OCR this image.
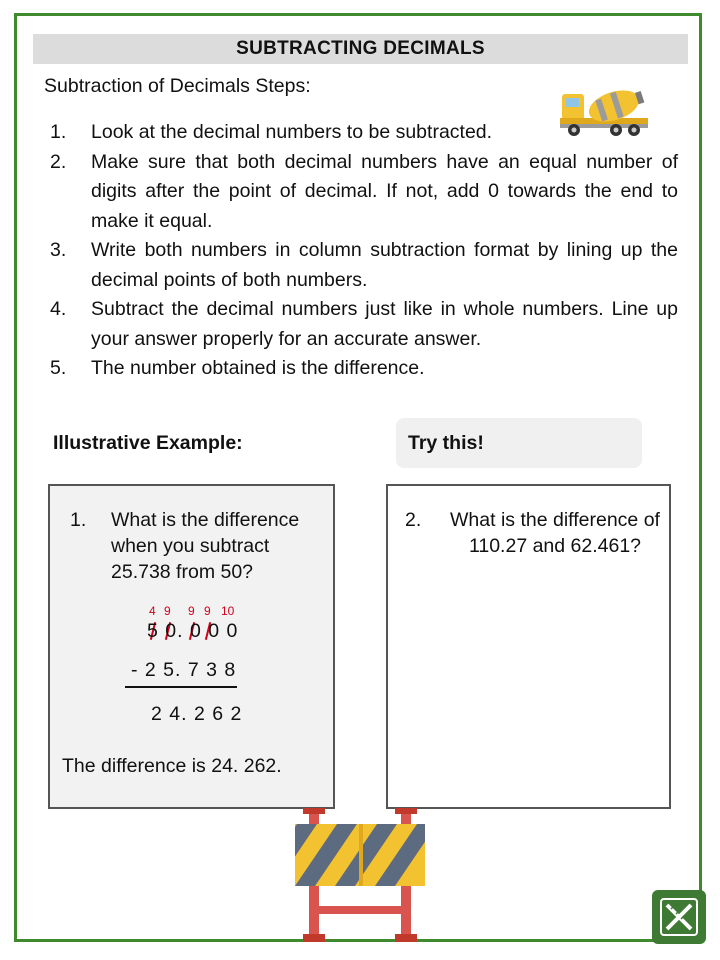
SUBTRACTING DECIMALS
Subtraction of Decimals Steps:
1. Look at the decimal numbers to be subtracted.
2. Make sure that both decimal numbers have an equal number of digits after the point of decimal. If not, add 0 towards the end to make it equal.
3. Write both numbers in column subtraction format by lining up the decimal points of both numbers.
4. Subtract the decimal numbers just like in whole numbers. Line up your answer properly for an accurate answer.
5. The number obtained is the difference.
Illustrative Example:	Try this!
1. What is the difference when you subtract 25.738 from 50?
4 9 9 9 10
5 0. 0 0 0
- 2 5. 7 3 8
2 4. 2 6 2
The difference is 24. 262.
2.	What is the difference of 110.27 and 62.461?
